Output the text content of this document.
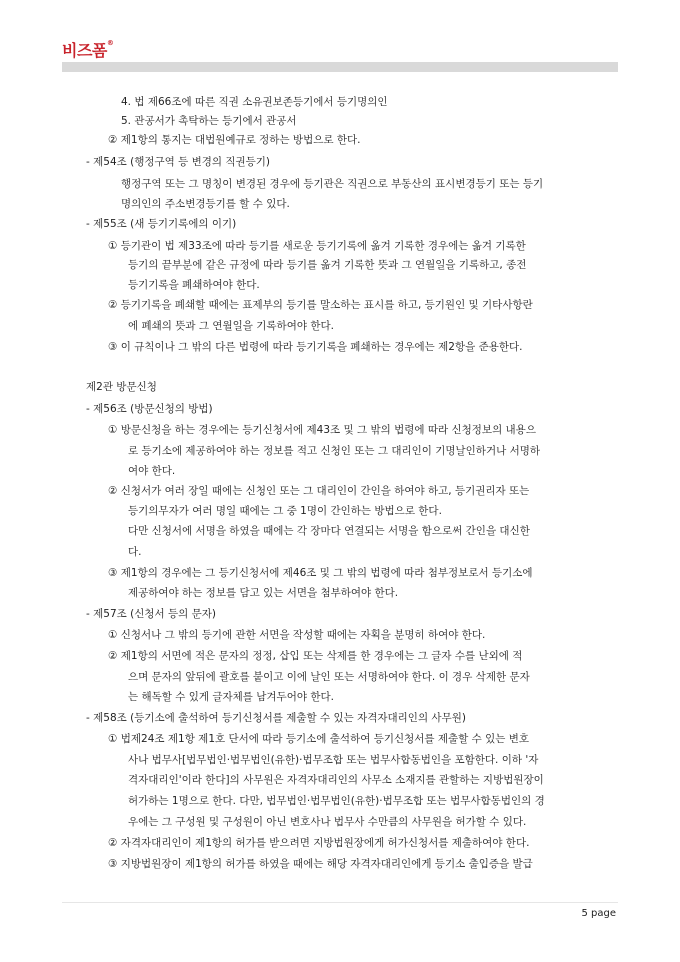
비즈폼®
4. 법 제66조에 따른 직권 소유권보존등기에서 등기명의인
5. 관공서가 촉탁하는 등기에서 관공서
② 제1항의 통지는 대법원예규로 정하는 방법으로 한다.
- 제54조 (행정구역 등 변경의 직권등기)
행정구역 또는 그 명칭이 변경된 경우에 등기관은 직권으로 부동산의 표시변경등기 또는 등기
명의인의 주소변경등기를 할 수 있다.
- 제55조 (새 등기기록에의 이기)
① 등기관이 법 제33조에 따라 등기를 새로운 등기기록에 옮겨 기록한 경우에는 옮겨 기록한
등기의 끝부분에 같은 규정에 따라 등기를 옮겨 기록한 뜻과 그 연월일을 기록하고, 종전
등기기록을 폐쇄하여야 한다.
② 등기기록을 폐쇄할 때에는 표제부의 등기를 말소하는 표시를 하고, 등기원인 및 기타사항란
에 폐쇄의 뜻과 그 연월일을 기록하여야 한다.
③ 이 규칙이나 그 밖의 다른 법령에 따라 등기기록을 폐쇄하는 경우에는 제2항을 준용한다.
제2관 방문신청
- 제56조 (방문신청의 방법)
① 방문신청을 하는 경우에는 등기신청서에 제43조 및 그 밖의 법령에 따라 신청정보의 내용으
로 등기소에 제공하여야 하는 정보를 적고 신청인 또는 그 대리인이 기명날인하거나 서명하
여야 한다.
② 신청서가 여러 장일 때에는 신청인 또는 그 대리인이 간인을 하여야 하고, 등기권리자 또는
등기의무자가 여러 명일 때에는 그 중 1명이 간인하는 방법으로 한다.
다만 신청서에 서명을 하였을 때에는 각 장마다 연결되는 서명을 함으로써 간인을 대신한
다.
③ 제1항의 경우에는 그 등기신청서에 제46조 및 그 밖의 법령에 따라 첨부정보로서 등기소에
제공하여야 하는 정보를 담고 있는 서면을 첨부하여야 한다.
- 제57조 (신청서 등의 문자)
① 신청서나 그 밖의 등기에 관한 서면을 작성할 때에는 자획을 분명히 하여야 한다.
② 제1항의 서면에 적은 문자의 정정, 삽입 또는 삭제를 한 경우에는 그 글자 수를 난외에 적
으며 문자의 앞뒤에 괄호를 붙이고 이에 날인 또는 서명하여야 한다. 이 경우 삭제한 문자
는 해독할 수 있게 글자체를 남겨두어야 한다.
- 제58조 (등기소에 출석하여 등기신청서를 제출할 수 있는 자격자대리인의 사무원)
① 법제24조 제1항 제1호 단서에 따라 등기소에 출석하여 등기신청서를 제출할 수 있는 변호
사나 법무사[법무법인·법무법인(유한)·법무조합 또는 법무사합동법인을 포함한다. 이하 '자
격자대리인'이라 한다]의 사무원은 자격자대리인의 사무소 소재지를 관할하는 지방법원장이
허가하는 1명으로 한다. 다만, 법무법인·법무법인(유한)·법무조합 또는 법무사합동법인의 경
우에는 그 구성원 및 구성원이 아닌 변호사나 법무사 수만큼의 사무원을 허가할 수 있다.
② 자격자대리인이 제1항의 허가를 받으려면 지방법원장에게 허가신청서를 제출하여야 한다.
③ 지방법원장이 제1항의 허가를 하였을 때에는 해당 자격자대리인에게 등기소 출입증을 발급
5 page
